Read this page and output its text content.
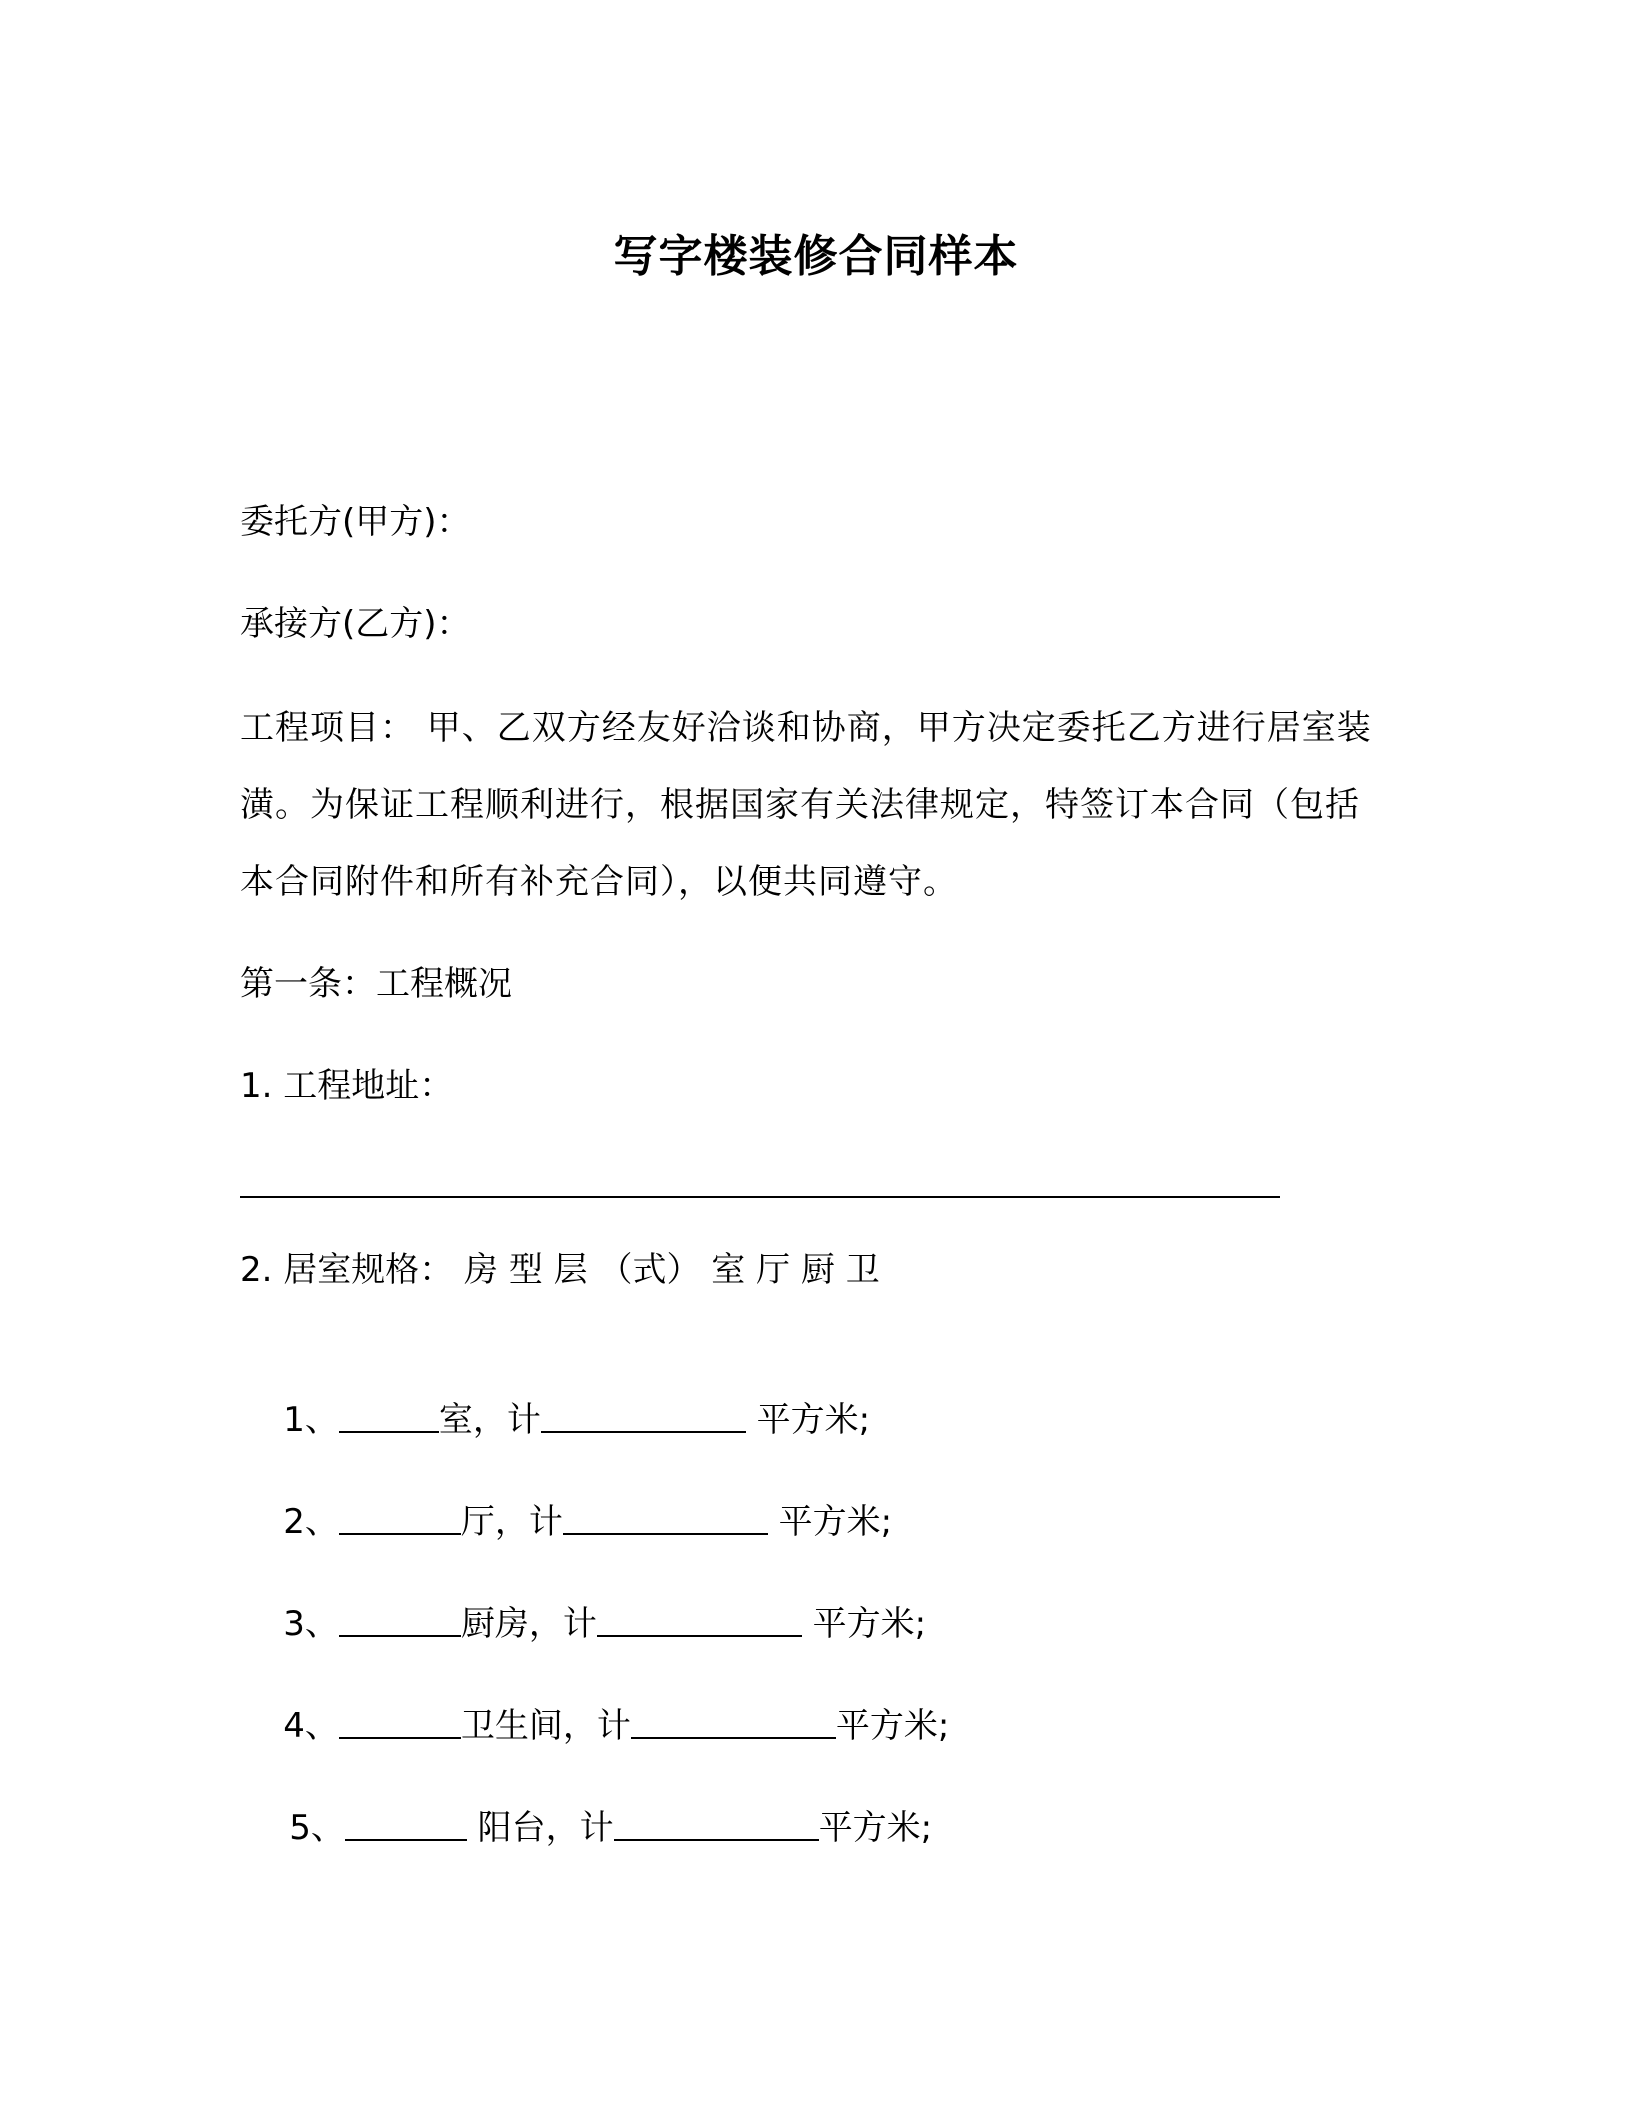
写字楼装修合同样本
委托方(甲方)：
承接方(乙方)：
工程项目： 甲、乙双方经友好洽谈和协商，甲方决定委托乙方进行居室装潢。为保证工程顺利进行，根据国家有关法律规定，特签订本合同（包括本合同附件和所有补充合同），以便共同遵守。
第一条：工程概况
1. 工程地址：
2. 居室规格： 房 型 层 （式） 室 厅 厨 卫

1、	室，计	平方米;

2、	厅，计	平方米;

3、	厨房，计	平方米;

4、	卫生间，计	平方米;

5、	阳台，计	平方米;
